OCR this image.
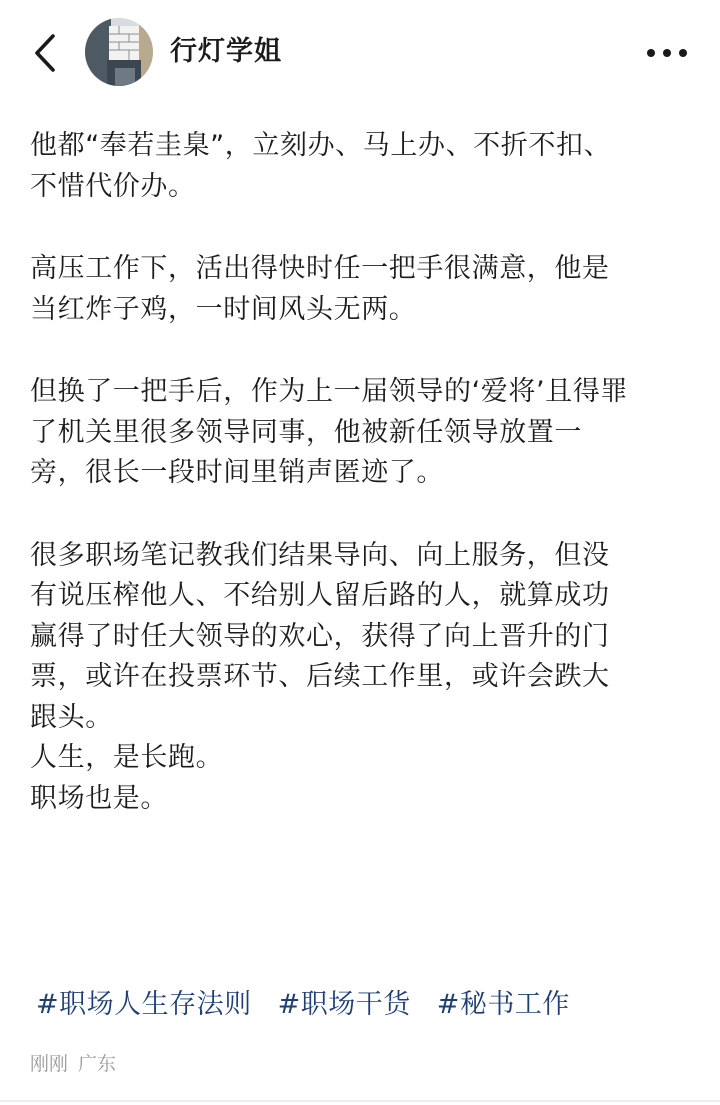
行灯学姐
他都“奉若圭臬”，立刻办、马上办、不折不扣、
不惜代价办。
高压工作下，活出得快时任一把手很满意，他是
当红炸子鸡，一时间风头无两。
但换了一把手后，作为上一届领导的‘爱将’且得罪
了机关里很多领导同事，他被新任领导放置一
旁，很长一段时间里销声匿迹了。
很多职场笔记教我们结果导向、向上服务，但没
有说压榨他人、不给别人留后路的人，就算成功
赢得了时任大领导的欢心，获得了向上晋升的门
票，或许在投票环节、后续工作里，或许会跌大
跟头。
人生，是长跑。
职场也是。
#职场人生存法则 #职场干货 #秘书工作
刚刚 广东
